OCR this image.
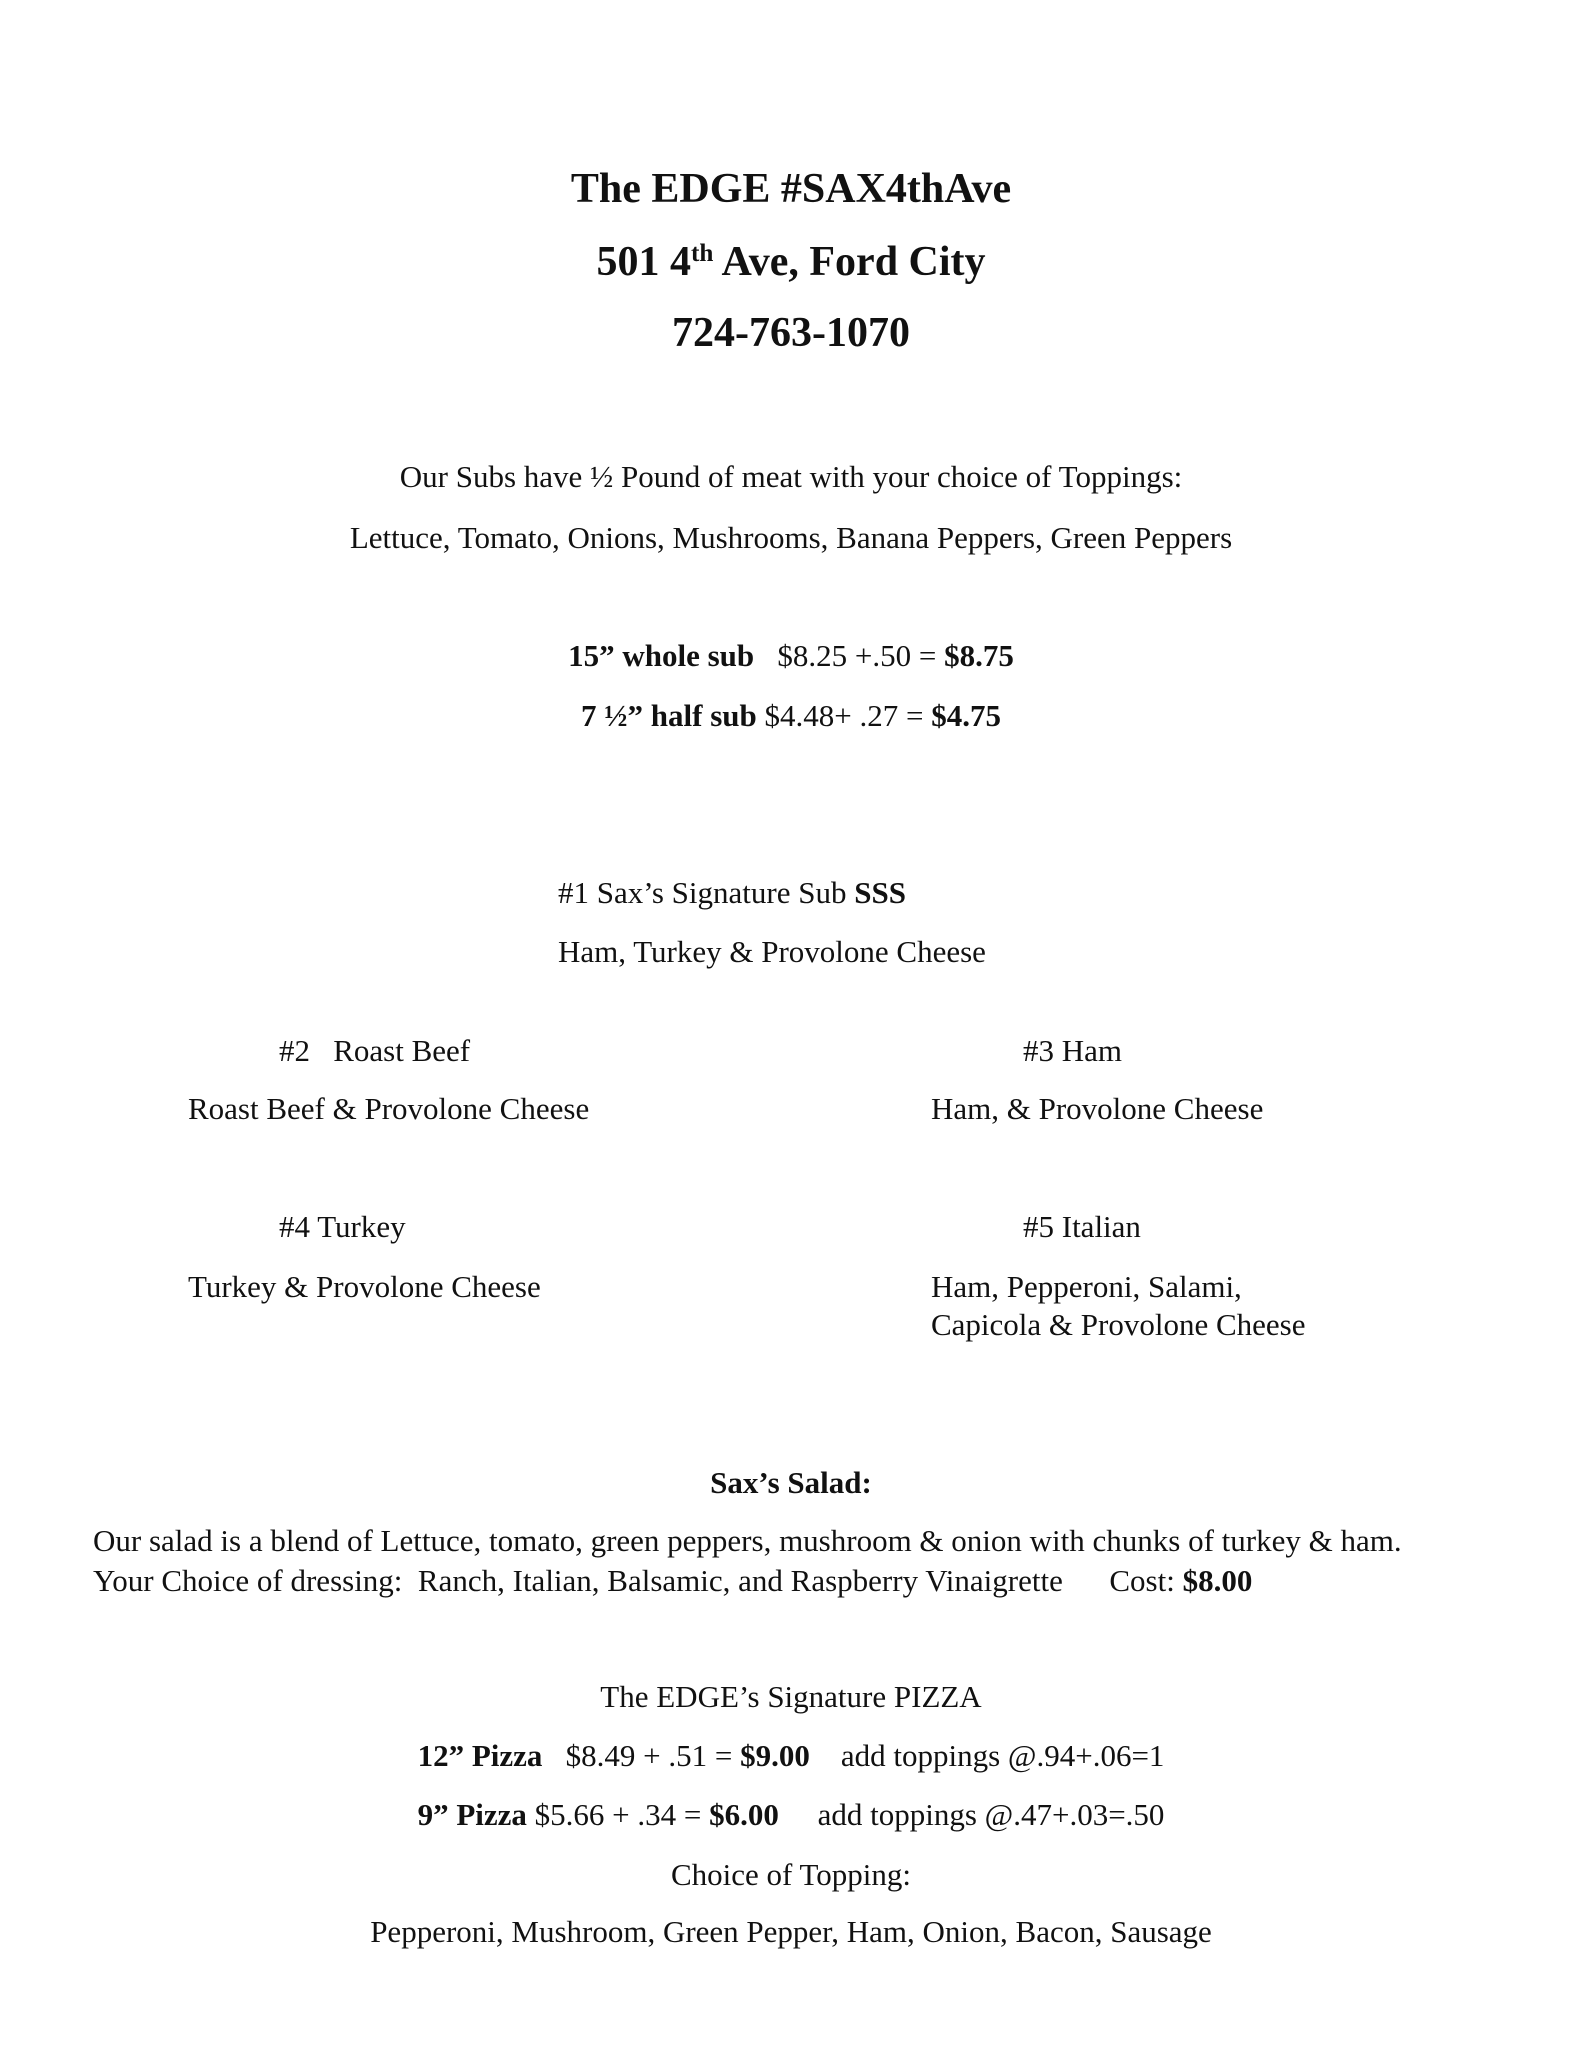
The EDGE #SAX4thAve
501 4th Ave, Ford City
724-763-1070
Our Subs have ½ Pound of meat with your choice of Toppings:
Lettuce, Tomato, Onions, Mushrooms, Banana Peppers, Green Peppers
15” whole sub   $8.25 +.50 = $8.75
7 ½” half sub $4.48+ .27 = $4.75
#1 Sax’s Signature Sub SSS
Ham, Turkey & Provolone Cheese
#2   Roast Beef
Roast Beef & Provolone Cheese
#3 Ham
Ham, & Provolone Cheese
#4 Turkey
Turkey & Provolone Cheese
#5 Italian
Ham, Pepperoni, Salami,
Capicola & Provolone Cheese
Sax’s Salad:
Our salad is a blend of Lettuce, tomato, green peppers, mushroom & onion with chunks of turkey & ham.
Your Choice of dressing:  Ranch, Italian, Balsamic, and Raspberry Vinaigrette      Cost: $8.00
The EDGE’s Signature PIZZA
12” Pizza   $8.49 + .51 = $9.00    add toppings @.94+.06=1
9” Pizza $5.66 + .34 = $6.00     add toppings @.47+.03=.50
Choice of Topping:
Pepperoni, Mushroom, Green Pepper, Ham, Onion, Bacon, Sausage
